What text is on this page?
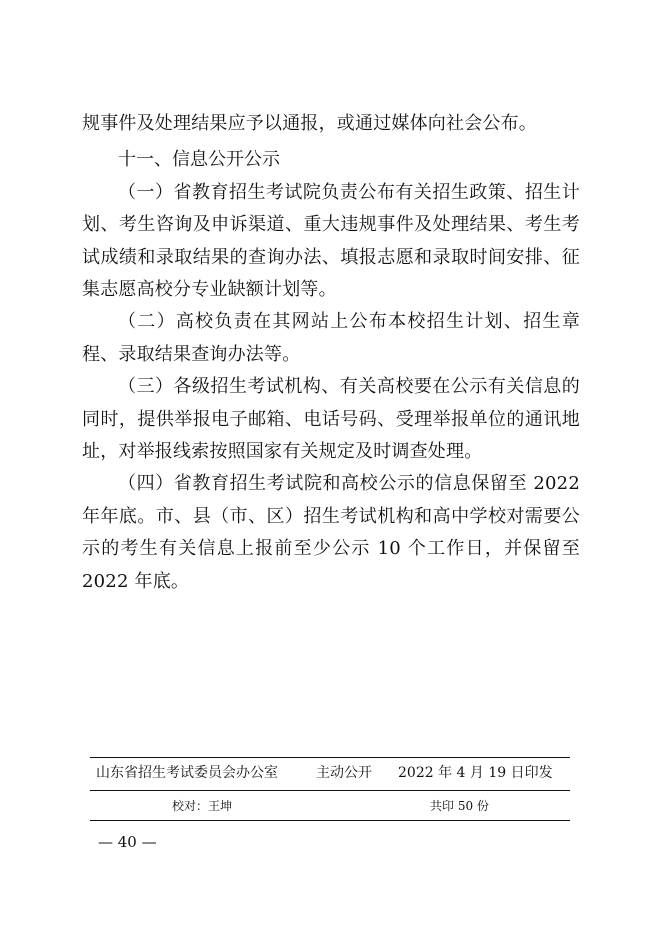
规事件及处理结果应予以通报，或通过媒体向社会公布。

十一、信息公开公示

（一）省教育招生考试院负责公布有关招生政策、招生计划、考生咨询及申诉渠道、重大违规事件及处理结果、考生考试成绩和录取结果的查询办法、填报志愿和录取时间安排、征集志愿高校分专业缺额计划等。

（二）高校负责在其网站上公布本校招生计划、招生章程、录取结果查询办法等。

（三）各级招生考试机构、有关高校要在公示有关信息的同时，提供举报电子邮箱、电话号码、受理举报单位的通讯地址，对举报线索按照国家有关规定及时调查处理。

（四）省教育招生考试院和高校公示的信息保留至 2022 年年底。市、县（市、区）招生考试机构和高中学校对需要公示的考生有关信息上报前至少公示 10 个工作日，并保留至 2022 年底。

山东省招生考试委员会办公室	主动公开	2022 年 4 月 19 日印发
校对：王坤	共印 50 份
— 40 —
